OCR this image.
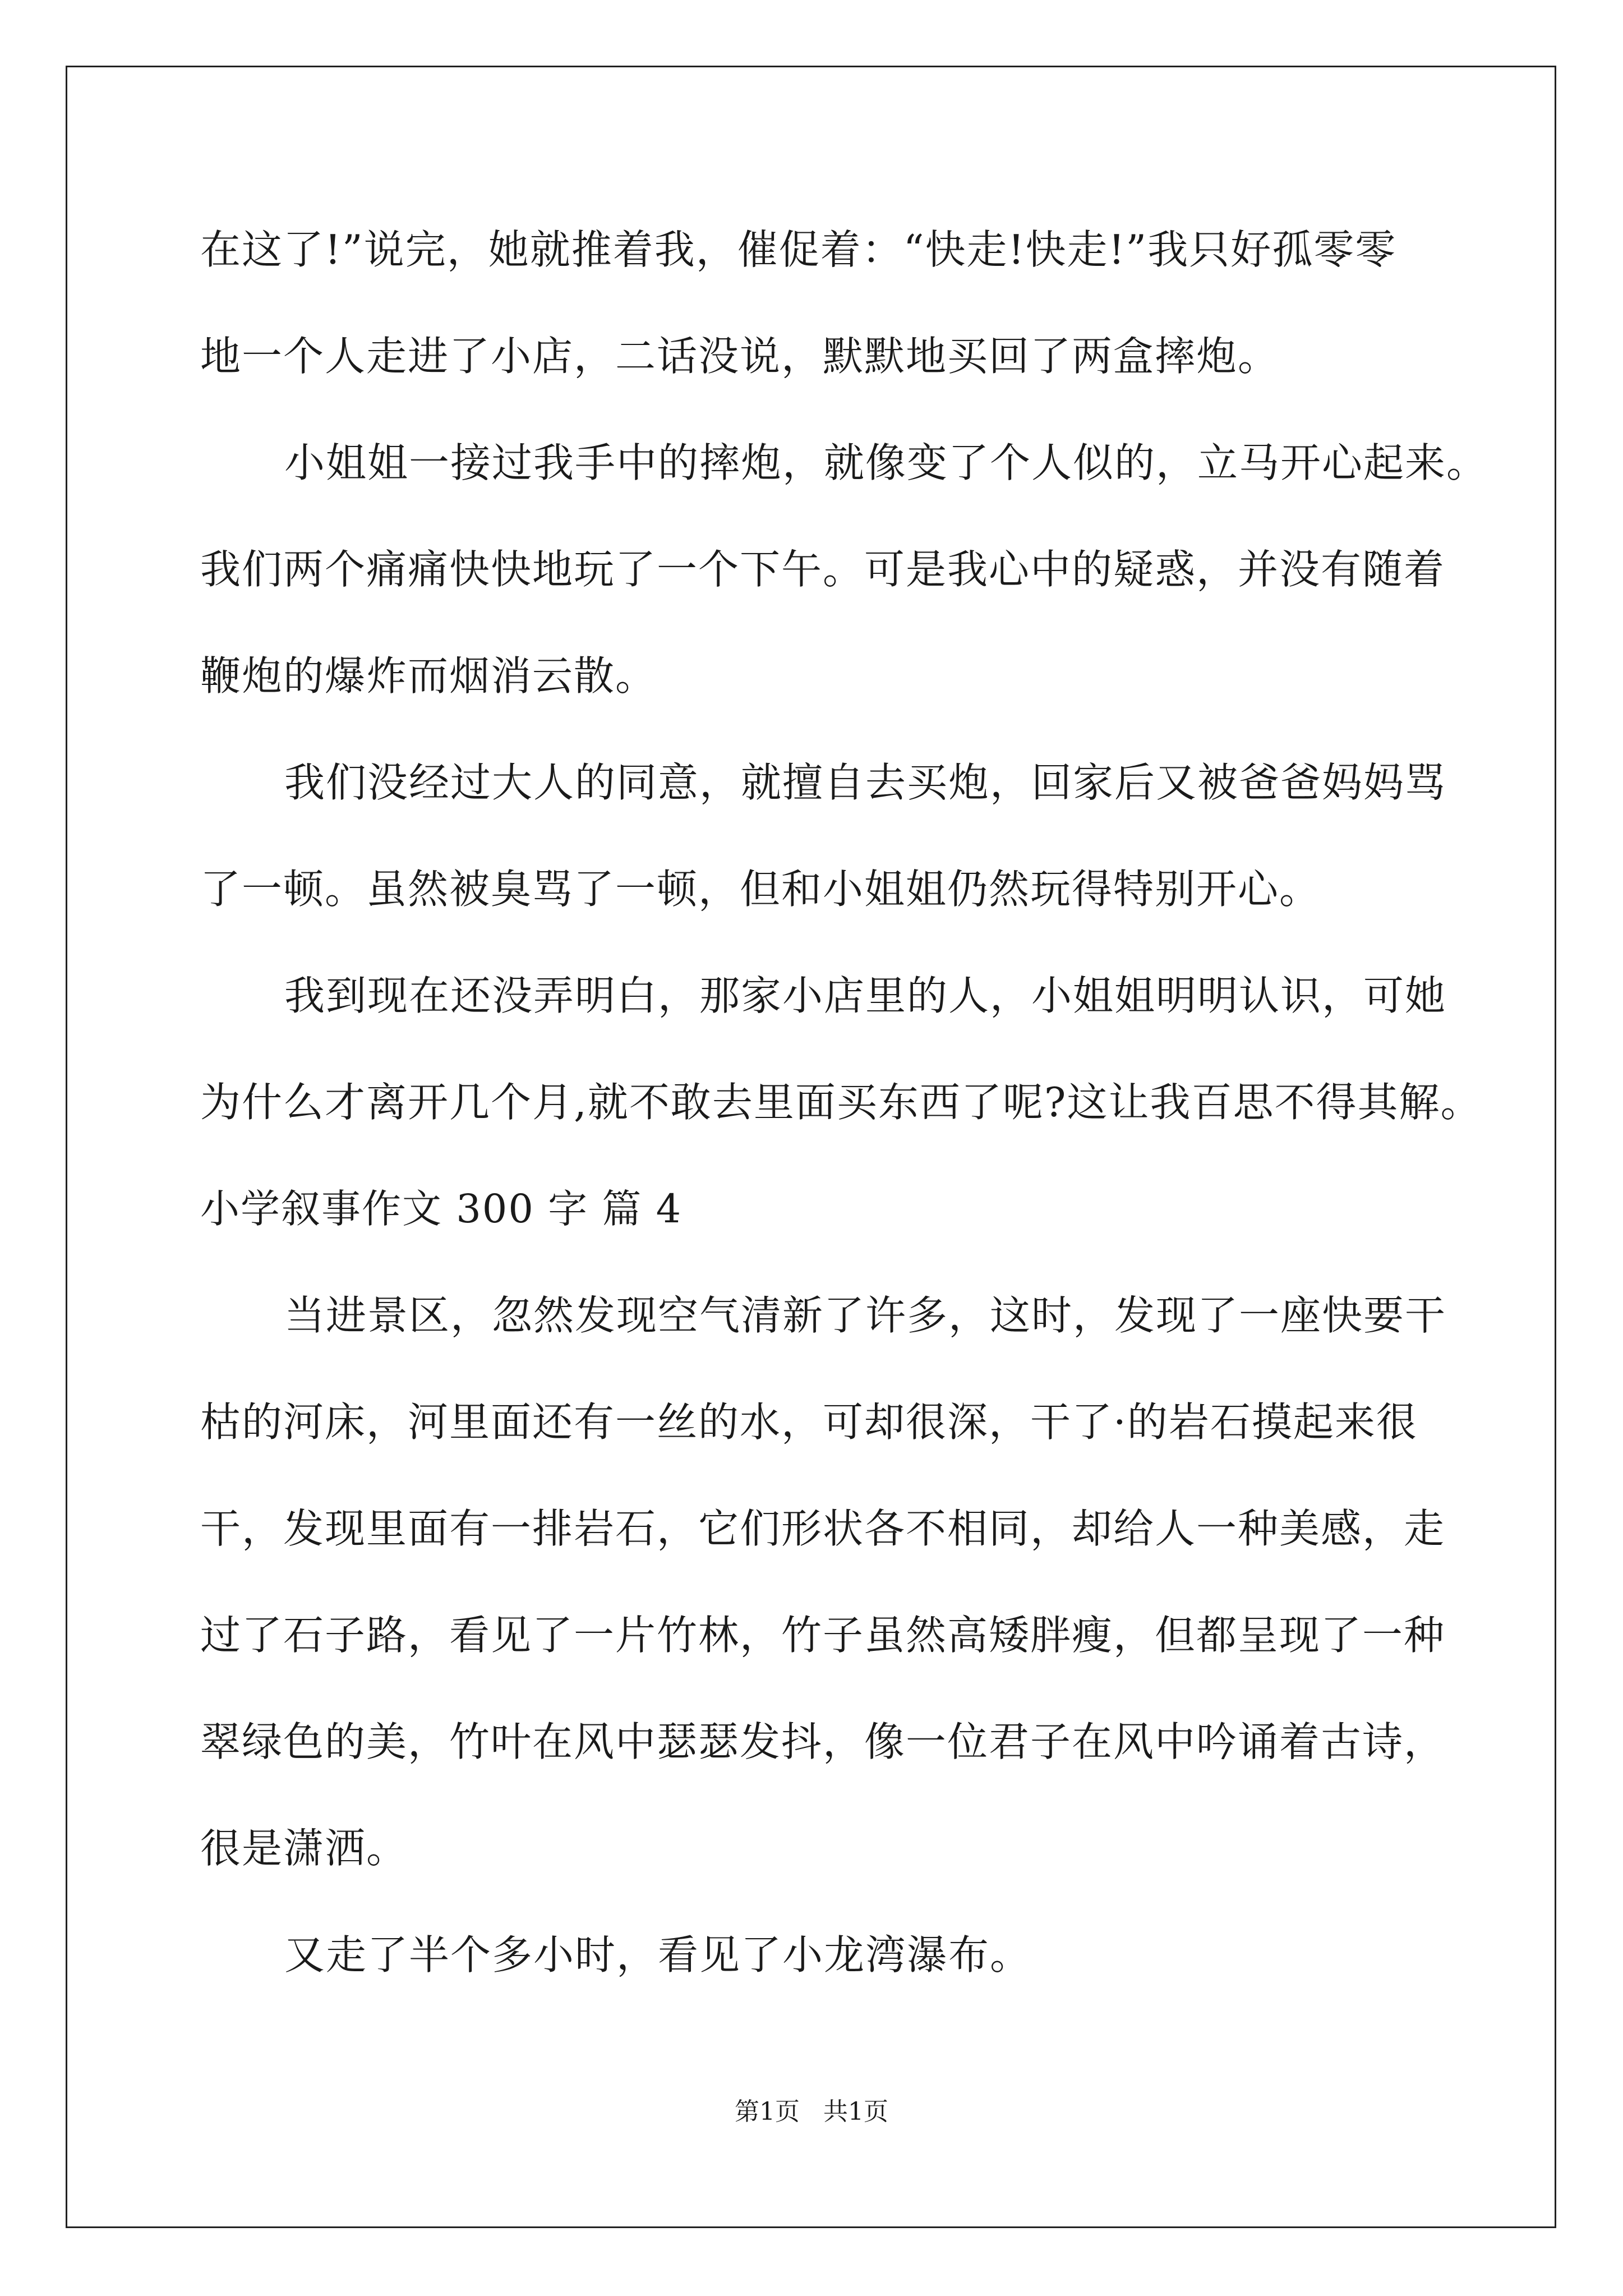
在这了!”说完，她就推着我，催促着：“快走!快走!”我只好孤零零
地一个人走进了小店，二话没说，默默地买回了两盒摔炮。
小姐姐一接过我手中的摔炮，就像变了个人似的，立马开心起来。
我们两个痛痛快快地玩了一个下午。可是我心中的疑惑，并没有随着
鞭炮的爆炸而烟消云散。
我们没经过大人的同意，就擅自去买炮，回家后又被爸爸妈妈骂
了一顿。虽然被臭骂了一顿，但和小姐姐仍然玩得特别开心。
我到现在还没弄明白，那家小店里的人，小姐姐明明认识，可她
为什么才离开几个月,就不敢去里面买东西了呢?这让我百思不得其解。
小学叙事作文 300 字 篇 4
当进景区，忽然发现空气清新了许多，这时，发现了一座快要干
枯的河床，河里面还有一丝的水，可却很深，干了·的岩石摸起来很
干，发现里面有一排岩石，它们形状各不相同，却给人一种美感，走
过了石子路，看见了一片竹林，竹子虽然高矮胖瘦，但都呈现了一种
翠绿色的美，竹叶在风中瑟瑟发抖，像一位君子在风中吟诵着古诗，
很是潇洒。
又走了半个多小时，看见了小龙湾瀑布。
第1页   共1页
